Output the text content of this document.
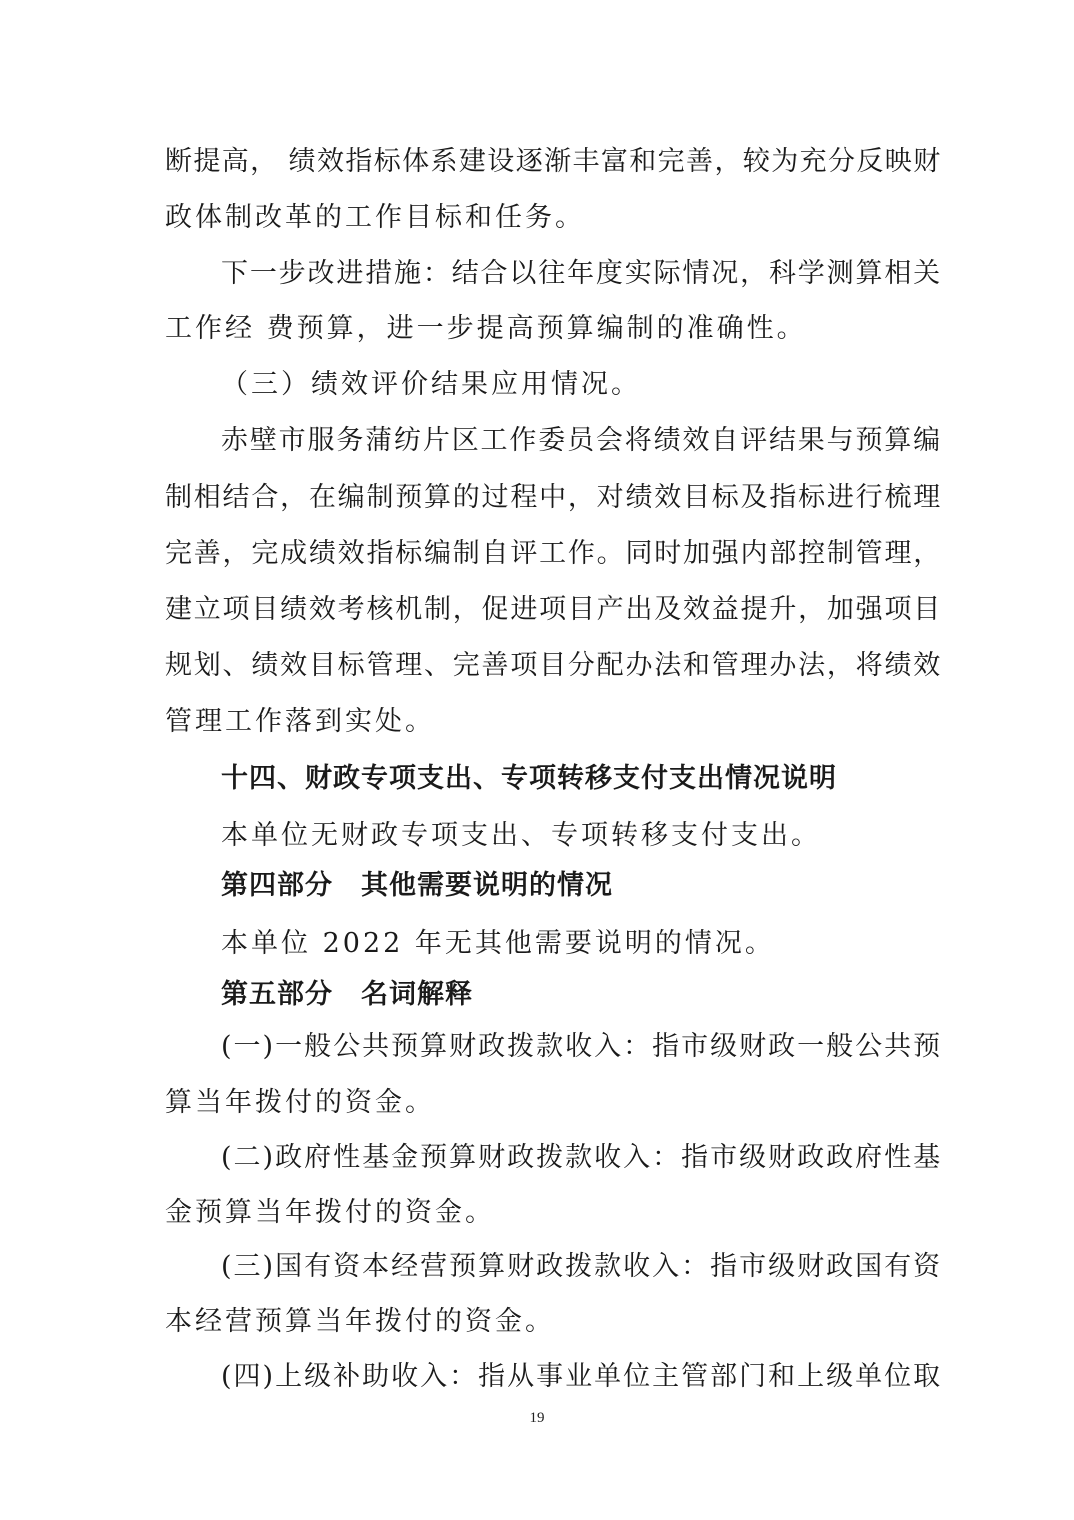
断提高， 绩效指标体系建设逐渐丰富和完善，较为充分反映财
政体制改革的工作目标和任务。
下一步改进措施：结合以往年度实际情况，科学测算相关
工作经 费预算，进一步提高预算编制的准确性。
（三）绩效评价结果应用情况。
赤壁市服务蒲纺片区工作委员会将绩效自评结果与预算编
制相结合，在编制预算的过程中，对绩效目标及指标进行梳理
完善，完成绩效指标编制自评工作。同时加强内部控制管理，
建立项目绩效考核机制，促进项目产出及效益提升，加强项目
规划、绩效目标管理、完善项目分配办法和管理办法，将绩效
管理工作落到实处。
十四、财政专项支出、专项转移支付支出情况说明
本单位无财政专项支出、专项转移支付支出。
第四部分　其他需要说明的情况
本单位 2022 年无其他需要说明的情况。
第五部分　名词解释
(一)一般公共预算财政拨款收入：指市级财政一般公共预
算当年拨付的资金。
(二)政府性基金预算财政拨款收入：指市级财政政府性基
金预算当年拨付的资金。
(三)国有资本经营预算财政拨款收入：指市级财政国有资
本经营预算当年拨付的资金。
(四)上级补助收入：指从事业单位主管部门和上级单位取
19
